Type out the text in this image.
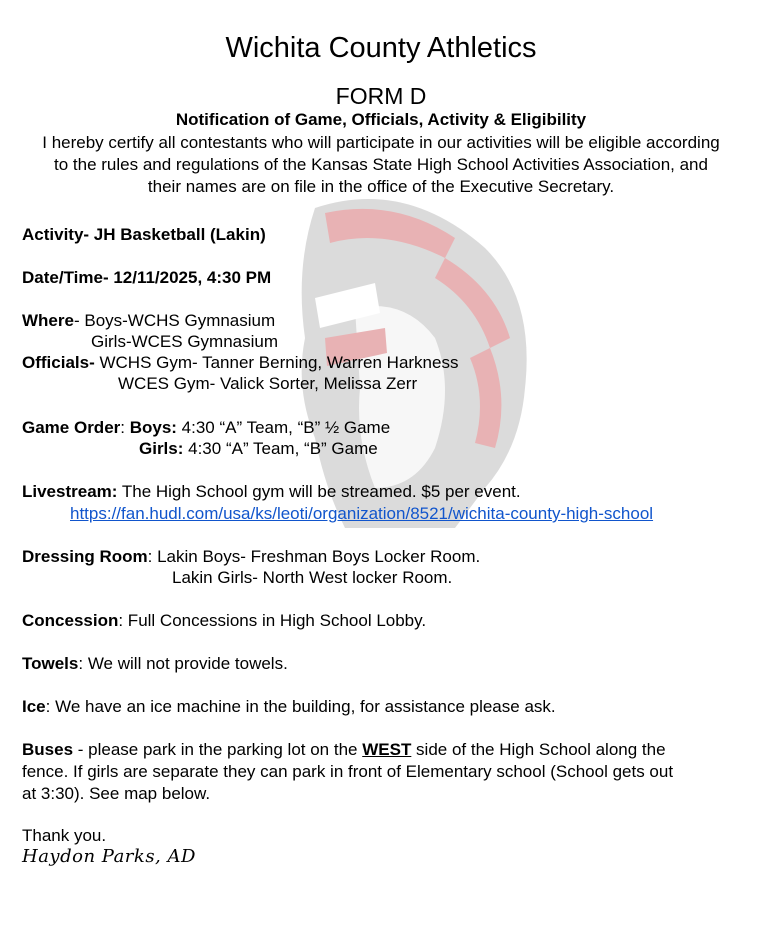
Wichita County Athletics
FORM D
Notification of Game, Officials, Activity & Eligibility
I hereby certify all contestants who will participate in our activities will be eligible according to the rules and regulations of the Kansas State High School Activities Association, and their names are on file in the office of the Executive Secretary.
Activity- JH Basketball (Lakin)
Date/Time- 12/11/2025, 4:30 PM
Where- Boys-WCHS Gymnasium
Girls-WCES Gymnasium
Officials- WCHS Gym- Tanner Berning, Warren Harkness
WCES Gym- Valick Sorter, Melissa Zerr
Game Order: Boys: 4:30 “A” Team, “B” ½ Game
Girls: 4:30 “A” Team, “B” Game
Livestream: The High School gym will be streamed. $5 per event.
https://fan.hudl.com/usa/ks/leoti/organization/8521/wichita-county-high-school
Dressing Room: Lakin Boys- Freshman Boys Locker Room.
Lakin Girls- North West locker Room.
Concession: Full Concessions in High School Lobby.
Towels: We will not provide towels.
Ice: We have an ice machine in the building, for assistance please ask.
Buses - please park in the parking lot on the WEST side of the High School along the
fence. If girls are separate they can park in front of Elementary school (School gets out
at 3:30). See map below.
Thank you.
Haydon Parks, AD
